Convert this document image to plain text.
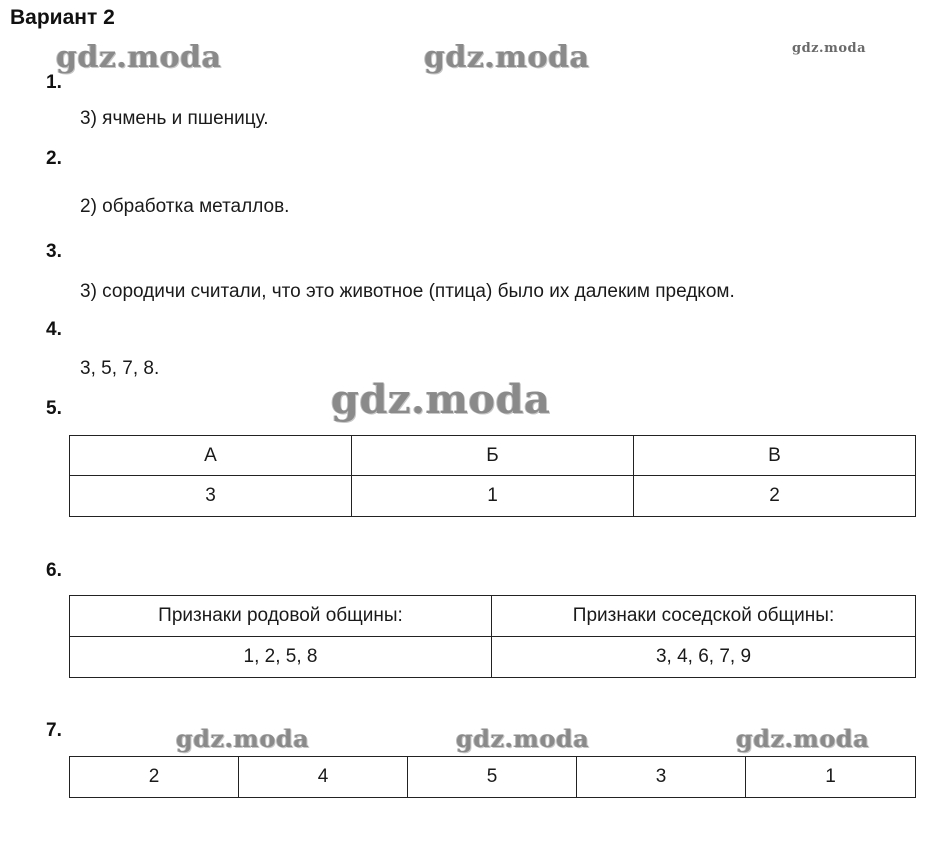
Вариант 2
gdz.moda	gdz.moda	gdz.moda
gdz.moda
gdz.moda	gdz.moda	gdz.moda
1.
3) ячмень и пшеницу.
2.
2) обработка металлов.
3.
3) сородичи считали, что это животное (птица) было их далеким предком.
4.
3, 5, 7, 8.
5.
А	Б	В
3	1	2
6.
Признаки родовой общины:	Признаки соседской общины:
1, 2, 5, 8	3, 4, 6, 7, 9
7.
2	4	5	3	1
